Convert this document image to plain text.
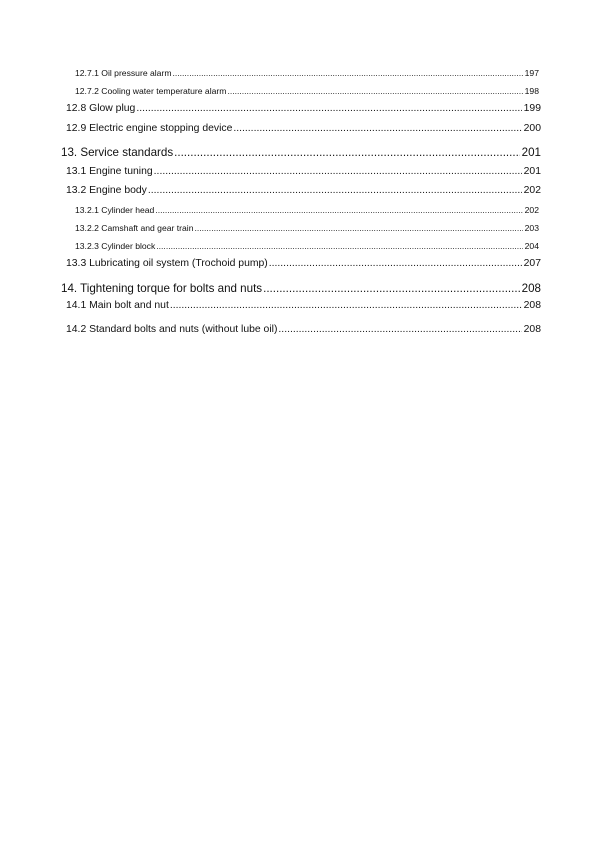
12.7.1 Oil pressure alarm .....	197
12.7.2 Cooling water temperature alarm .....	198
12.8 Glow plug .....	199
12.9 Electric engine stopping device .....	200
13. Service standards .....	201
13.1 Engine tuning .....	201
13.2 Engine body .....	202
13.2.1 Cylinder head .....	202
13.2.2 Camshaft and gear train .....	203
13.2.3 Cylinder block .....	204
13.3 Lubricating oil system (Trochoid pump) .....	207
14. Tightening torque for bolts and nuts .....	208
14.1 Main bolt and nut .....	208
14.2 Standard bolts and nuts (without lube oil) .....	208
